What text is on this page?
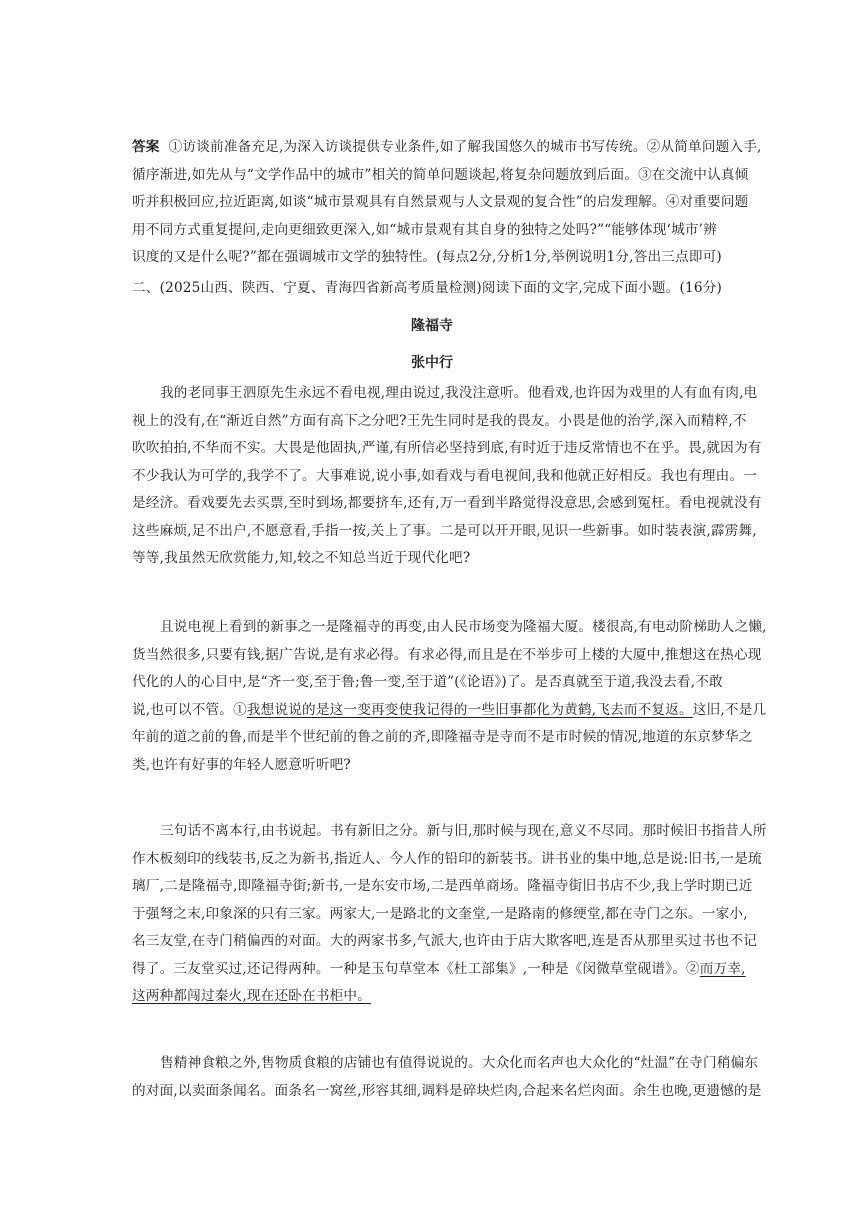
答案 ①访谈前准备充足,为深入访谈提供专业条件,如了解我国悠久的城市书写传统。②从简单问题入手,
循序渐进,如先从与“文学作品中的城市”相关的简单问题谈起,将复杂问题放到后面。③在交流中认真倾
听并积极回应,拉近距离,如谈“城市景观具有自然景观与人文景观的复合性”的启发理解。④对重要问题
用不同方式重复提问,走向更细致更深入,如“城市景观有其自身的独特之处吗?”“能够体现‘城市’辨
识度的又是什么呢?”都在强调城市文学的独特性。(每点2分,分析1分,举例说明1分,答出三点即可)
二、(2025山西、陕西、宁夏、青海四省新高考质量检测)阅读下面的文字,完成下面小题。(16分)
隆福寺
张中行
我的老同事王泗原先生永远不看电视,理由说过,我没注意听。他看戏,也许因为戏里的人有血有肉,电
视上的没有,在“渐近自然”方面有高下之分吧?王先生同时是我的畏友。小畏是他的治学,深入而精粹,不
吹吹拍拍,不华而不实。大畏是他固执,严谨,有所信必坚持到底,有时近于违反常情也不在乎。畏,就因为有
不少我认为可学的,我学不了。大事难说,说小事,如看戏与看电视间,我和他就正好相反。我也有理由。一
是经济。看戏要先去买票,至时到场,都要挤车,还有,万一看到半路觉得没意思,会感到冤枉。看电视就没有
这些麻烦,足不出户,不愿意看,手指一按,关上了事。二是可以开开眼,见识一些新事。如时装表演,霹雳舞,
等等,我虽然无欣赏能力,知,较之不知总当近于现代化吧?
且说电视上看到的新事之一是隆福寺的再变,由人民市场变为隆福大厦。楼很高,有电动阶梯助人之懒,
货当然很多,只要有钱,据广告说,是有求必得。有求必得,而且是在不举步可上楼的大厦中,推想这在热心现
代化的人的心目中,是“齐一变,至于鲁;鲁一变,至于道”(《论语》)了。是否真就至于道,我没去看,不敢
说,也可以不管。①我想说说的是这一变再变使我记得的一些旧事都化为黄鹤,飞去而不复返。这旧,不是几
年前的道之前的鲁,而是半个世纪前的鲁之前的齐,即隆福寺是寺而不是市时候的情况,地道的东京梦华之
类,也许有好事的年轻人愿意听听吧?
三句话不离本行,由书说起。书有新旧之分。新与旧,那时候与现在,意义不尽同。那时候旧书指昔人所
作木板刻印的线装书,反之为新书,指近人、今人作的铅印的新装书。讲书业的集中地,总是说:旧书,一是琉
璃厂,二是隆福寺,即隆福寺街;新书,一是东安市场,二是西单商场。隆福寺街旧书店不少,我上学时期已近
于强弩之末,印象深的只有三家。两家大,一是路北的文奎堂,一是路南的修绠堂,都在寺门之东。一家小,
名三友堂,在寺门稍偏西的对面。大的两家书多,气派大,也许由于店大欺客吧,连是否从那里买过书也不记
得了。三友堂买过,还记得两种。一种是玉句草堂本《杜工部集》,一种是《闵微草堂砚谱》。②而万幸,
这两种都闯过秦火,现在还卧在书柜中。
售精神食粮之外,售物质食粮的店铺也有值得说说的。大众化而名声也大众化的“灶温”在寺门稍偏东
的对面,以卖面条闻名。面条名一窝丝,形容其细,调料是碎块烂肉,合起来名烂肉面。余生也晚,更遗憾的是
